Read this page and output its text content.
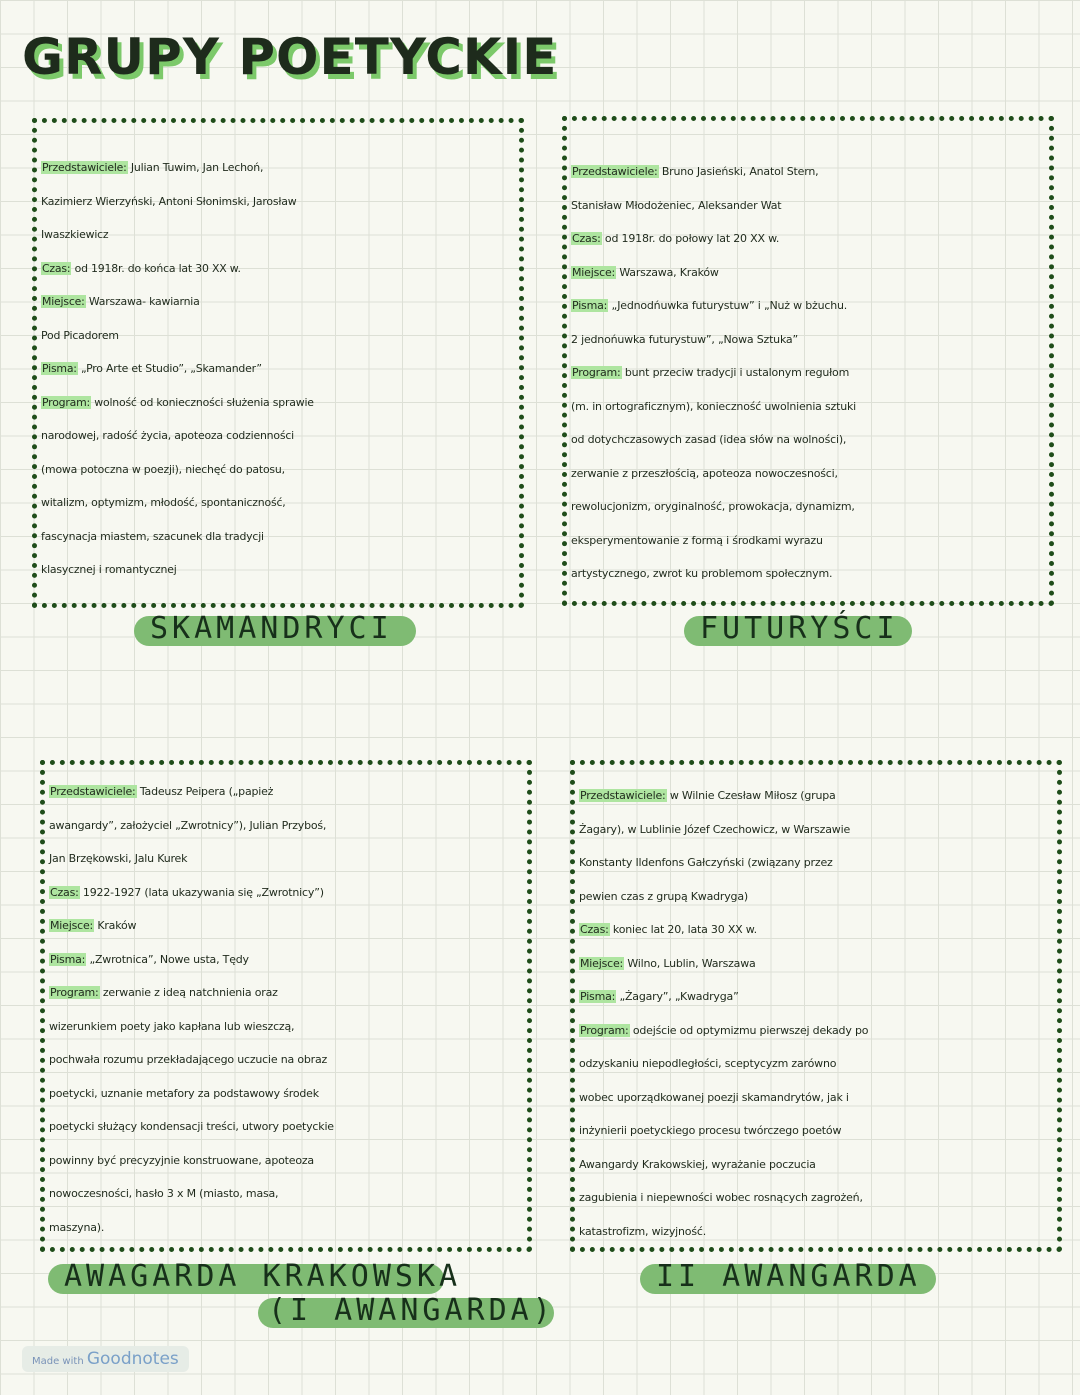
GRUPY POETYCKIE

Przedstawiciele: Julian Tuwim, Jan Lechoń,

Kazimierz Wierzyński, Antoni Słonimski, Jarosław

Iwaszkiewicz

Czas: od 1918r. do końca lat 30 XX w.

Miejsce: Warszawa- kawiarnia

Pod Picadorem

Pisma: „Pro Arte et Studio”, „Skamander”

Program: wolność od konieczności służenia sprawie

narodowej, radość życia, apoteoza codzienności

(mowa potoczna w poezji), niechęć do patosu,

witalizm, optymizm, młodość, spontaniczność,

fascynacja miastem, szacunek dla tradycji

klasycznej i romantycznej

SKAMANDRYCI

Przedstawiciele: Bruno Jasieński, Anatol Stern,

Stanisław Młodożeniec, Aleksander Wat

Czas: od 1918r. do połowy lat 20 XX w.

Miejsce: Warszawa, Kraków

Pisma: „Jednodńuwka futurystuw” i „Nuż w bżuchu.

2 jednońuwka futurystuw”, „Nowa Sztuka”

Program: bunt przeciw tradycji i ustalonym regułom

(m. in ortograficznym), konieczność uwolnienia sztuki

od dotychczasowych zasad (idea słów na wolności),

zerwanie z przeszłością, apoteoza nowoczesności,

rewolucjonizm, oryginalność, prowokacja, dynamizm,

eksperymentowanie z formą i środkami wyrazu

artystycznego, zwrot ku problemom społecznym.

FUTURYŚCI

Przedstawiciele: Tadeusz Peipera („papież

awangardy”, założyciel „Zwrotnicy”), Julian Przyboś,

Jan Brzękowski, Jalu Kurek

Czas: 1922-1927 (lata ukazywania się „Zwrotnicy”)

Miejsce: Kraków

Pisma: „Zwrotnica”, Nowe usta, Tędy

Program: zerwanie z ideą natchnienia oraz

wizerunkiem poety jako kapłana lub wieszczą,

pochwała rozumu przekładającego uczucie na obraz

poetycki, uznanie metafory za podstawowy środek

poetycki służący kondensacji treści, utwory poetyckie

powinny być precyzyjnie konstruowane, apoteoza

nowoczesności, hasło 3 x M (miasto, masa,

maszyna).

AWAGARDA KRAKOWSKA
(I AWANGARDA)

Przedstawiciele: w Wilnie Czesław Miłosz (grupa

Żagary), w Lublinie Józef Czechowicz, w Warszawie

Konstanty Ildenfons Gałczyński (związany przez

pewien czas z grupą Kwadryga)

Czas: koniec lat 20, lata 30 XX w.

Miejsce: Wilno, Lublin, Warszawa

Pisma: „Żagary”, „Kwadryga”

Program: odejście od optymizmu pierwszej dekady po

odzyskaniu niepodległości, sceptycyzm zarówno

wobec uporządkowanej poezji skamandrytów, jak i

inżynierii poetyckiego procesu twórczego poetów

Awangardy Krakowskiej, wyrażanie poczucia

zagubienia i niepewności wobec rosnących zagrożeń,

katastrofizm, wizyjność.

II AWANGARDA
Made with Goodnotes
